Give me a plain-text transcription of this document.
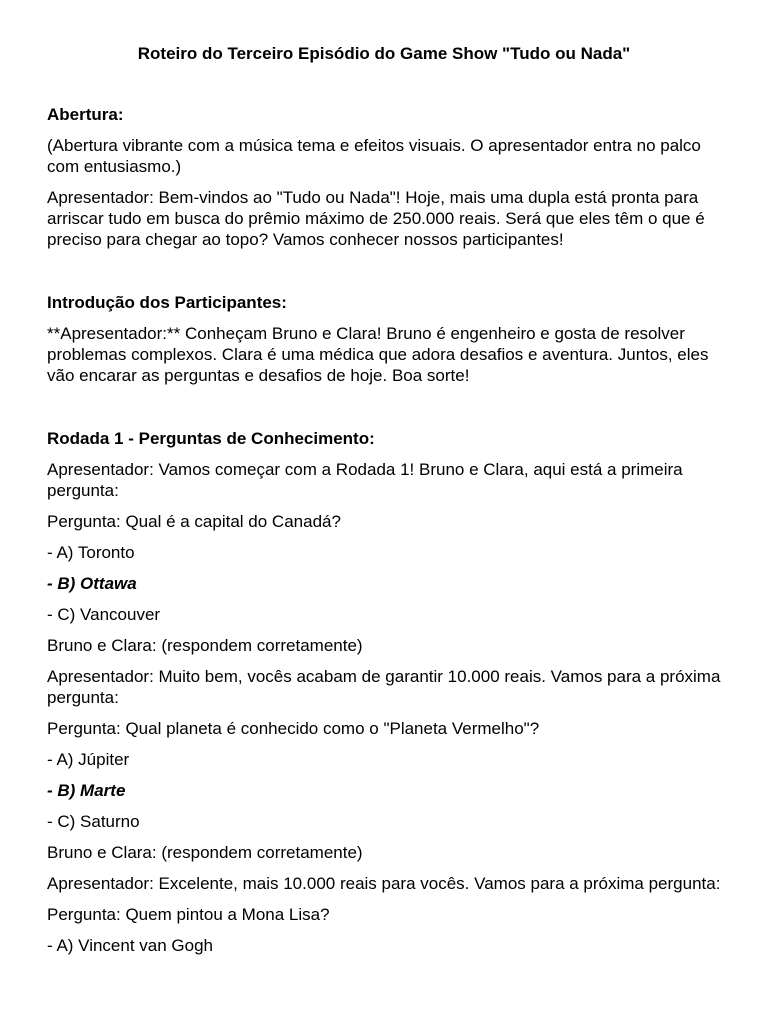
Roteiro do Terceiro Episódio do Game Show "Tudo ou Nada"
Abertura:

(Abertura vibrante com a música tema e efeitos visuais. O apresentador entra no palco com entusiasmo.)

Apresentador: Bem-vindos ao "Tudo ou Nada"! Hoje, mais uma dupla está pronta para arriscar tudo em busca do prêmio máximo de 250.000 reais. Será que eles têm o que é preciso para chegar ao topo? Vamos conhecer nossos participantes!

Introdução dos Participantes:

**Apresentador:** Conheçam Bruno e Clara! Bruno é engenheiro e gosta de resolver problemas complexos. Clara é uma médica que adora desafios e aventura. Juntos, eles vão encarar as perguntas e desafios de hoje. Boa sorte!

Rodada 1 - Perguntas de Conhecimento:

Apresentador: Vamos começar com a Rodada 1! Bruno e Clara, aqui está a primeira pergunta:

Pergunta: Qual é a capital do Canadá?

- A) Toronto

- B) Ottawa

- C) Vancouver

Bruno e Clara: (respondem corretamente)

Apresentador: Muito bem, vocês acabam de garantir 10.000 reais. Vamos para a próxima pergunta:

Pergunta: Qual planeta é conhecido como o "Planeta Vermelho"?

- A) Júpiter

- B) Marte

- C) Saturno

Bruno e Clara: (respondem corretamente)

Apresentador: Excelente, mais 10.000 reais para vocês. Vamos para a próxima pergunta:

Pergunta: Quem pintou a Mona Lisa?

- A) Vincent van Gogh
